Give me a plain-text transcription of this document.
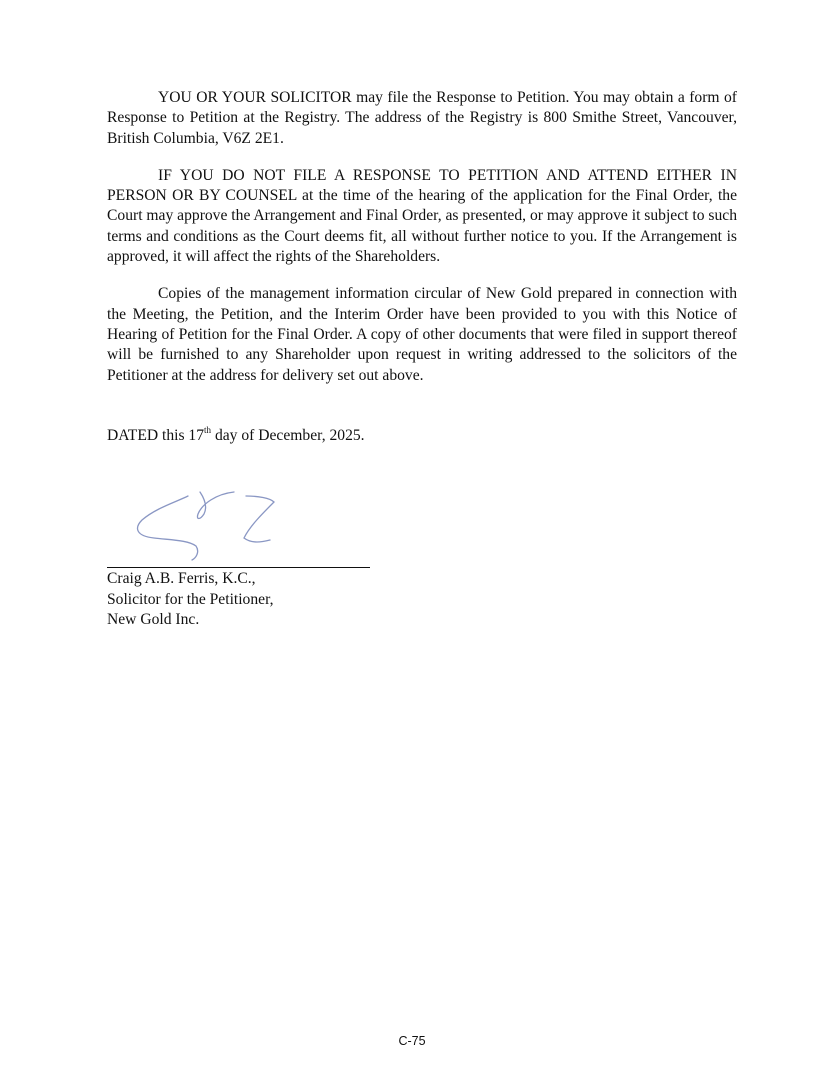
YOU OR YOUR SOLICITOR may file the Response to Petition. You may obtain a form of Response to Petition at the Registry. The address of the Registry is 800 Smithe Street, Vancouver, British Columbia, V6Z 2E1.

IF YOU DO NOT FILE A RESPONSE TO PETITION AND ATTEND EITHER IN PERSON OR BY COUNSEL at the time of the hearing of the application for the Final Order, the Court may approve the Arrangement and Final Order, as presented, or may approve it subject to such terms and conditions as the Court deems fit, all without further notice to you. If the Arrangement is approved, it will affect the rights of the Shareholders.

Copies of the management information circular of New Gold prepared in connection with the Meeting, the Petition, and the Interim Order have been provided to you with this Notice of Hearing of Petition for the Final Order. A copy of other documents that were filed in support thereof will be furnished to any Shareholder upon request in writing addressed to the solicitors of the Petitioner at the address for delivery set out above.

DATED this 17th day of December, 2025.
Craig A.B. Ferris, K.C.,
Solicitor for the Petitioner,
New Gold Inc.
C-75
